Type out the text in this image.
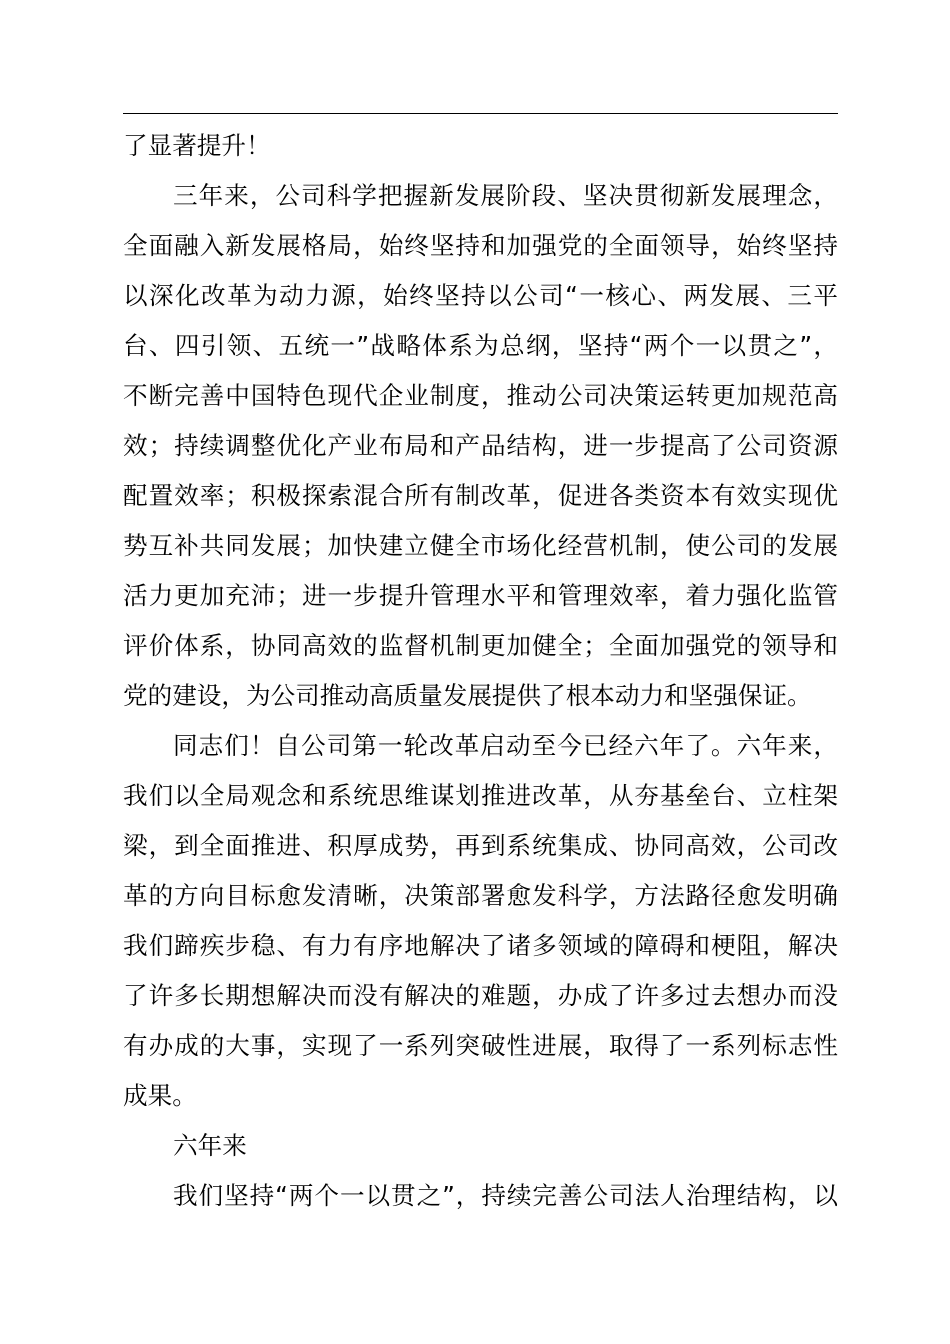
了显著提升！
三年来，公司科学把握新发展阶段、坚决贯彻新发展理念，
全面融入新发展格局，始终坚持和加强党的全面领导，始终坚持
以深化改革为动力源，始终坚持以公司“一核心、两发展、三平
台、四引领、五统一”战略体系为总纲，坚持“两个一以贯之”，
不断完善中国特色现代企业制度，推动公司决策运转更加规范高
效；持续调整优化产业布局和产品结构，进一步提高了公司资源
配置效率；积极探索混合所有制改革，促进各类资本有效实现优
势互补共同发展；加快建立健全市场化经营机制，使公司的发展
活力更加充沛；进一步提升管理水平和管理效率，着力强化监管
评价体系，协同高效的监督机制更加健全；全面加强党的领导和
党的建设，为公司推动高质量发展提供了根本动力和坚强保证。
同志们！自公司第一轮改革启动至今已经六年了。六年来，
我们以全局观念和系统思维谋划推进改革，从夯基垒台、立柱架
梁，到全面推进、积厚成势，再到系统集成、协同高效，公司改
革的方向目标愈发清晰，决策部署愈发科学，方法路径愈发明确
我们蹄疾步稳、有力有序地解决了诸多领域的障碍和梗阻，解决
了许多长期想解决而没有解决的难题，办成了许多过去想办而没
有办成的大事，实现了一系列突破性进展，取得了一系列标志性
成果。
六年来
我们坚持“两个一以贯之”，持续完善公司法人治理结构，以
